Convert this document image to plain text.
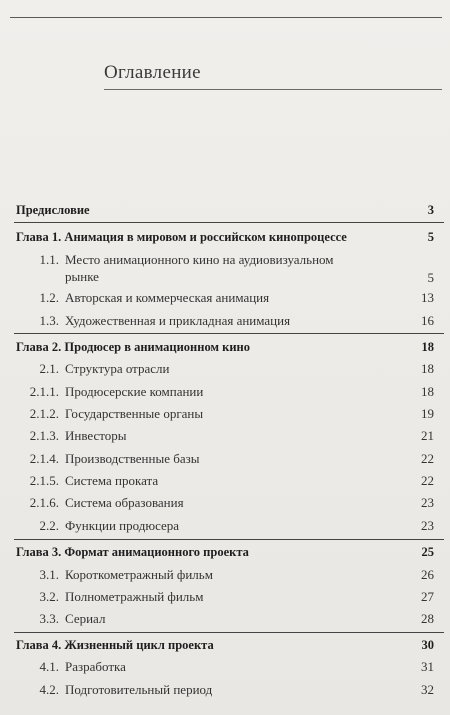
Оглавление
Предисловие	3
Глава 1. Анимация в мировом и российском кинопроцессе	5
1.1. Место анимационного кино на аудиовизуальном
рынке	5
1.2. Авторская и коммерческая анимация	13
1.3. Художественная и прикладная анимация	16
Глава 2. Продюсер в анимационном кино	18
2.1. Структура отрасли	18
2.1.1. Продюсерские компании	18
2.1.2. Государственные органы	19
2.1.3. Инвесторы	21
2.1.4. Производственные базы	22
2.1.5. Система проката	22
2.1.6. Система образования	23
2.2. Функции продюсера	23
Глава 3. Формат анимационного проекта	25
3.1. Короткометражный фильм	26
3.2. Полнометражный фильм	27
3.3. Сериал	28
Глава 4. Жизненный цикл проекта	30
4.1. Разработка	31
4.2. Подготовительный период	32
